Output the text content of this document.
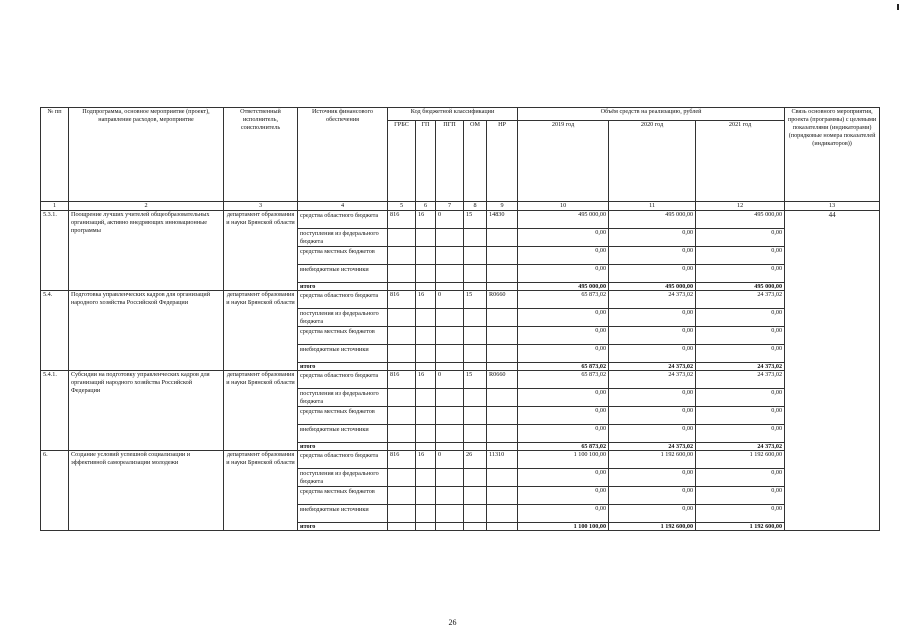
№ пп	Подпрограмма, основное мероприятие (проект), направление расходов, мероприятие	Ответственный исполнитель, соисполнитель	Источник финансового обеспечения	Код бюджетной классификации					Объём средств на реализацию, рублей			Связь основного мероприятия, проекта (программы) с целевыми показателями (индикаторами) (порядковые номера показателей (индикаторов))
				ГРБС	ГП	ПГП	ОМ	НР	2019 год	2020 год	2021 год	
1	2	3	4	5	6	7	8	9	10	11	12	13
5.3.1.	Поощрение лучших учителей общеобразовательных организаций, активно внедряющих инновационные программы	департамент образования и науки Брянской области	средства областного бюджета	816	16	0	15	14830	495 000,00	495 000,00	495 000,00	44
			поступления из федерального бюджета						0,00	0,00	0,00	
			средства местных бюджетов						0,00	0,00	0,00	
			внебюджетные источники						0,00	0,00	0,00	
			итого						495 000,00	495 000,00	495 000,00	
5.4.	Подготовка управленческих кадров для организаций народного хозяйства Российской Федерации	департамент образования и науки Брянской области	средства областного бюджета	816	16	0	15	R0660	65 873,02	24 373,02	24 373,02	
			поступления из федерального бюджета						0,00	0,00	0,00	
			средства местных бюджетов						0,00	0,00	0,00	
			внебюджетные источники						0,00	0,00	0,00	
			итого						65 873,02	24 373,02	24 373,02	
5.4.1.	Субсидии на подготовку управленческих кадров для организаций народного хозяйства Российской Федерации	департамент образования и науки Брянской области	средства областного бюджета	816	16	0	15	R0660	65 873,02	24 373,02	24 373,02	
			поступления из федерального бюджета						0,00	0,00	0,00	
			средства местных бюджетов						0,00	0,00	0,00	
			внебюджетные источники						0,00	0,00	0,00	
			итого						65 873,02	24 373,02	24 373,02	
6.	Создание условий успешной социализации и эффективной самореализации молодежи	департамент образования и науки Брянской области	средства областного бюджета	816	16	0	26	11310	1 100 100,00	1 192 600,00	1 192 600,00	
			поступления из федерального бюджета						0,00	0,00	0,00	
			средства местных бюджетов						0,00	0,00	0,00	
			внебюджетные источники						0,00	0,00	0,00	
			итого						1 100 100,00	1 192 600,00	1 192 600,00	
26
